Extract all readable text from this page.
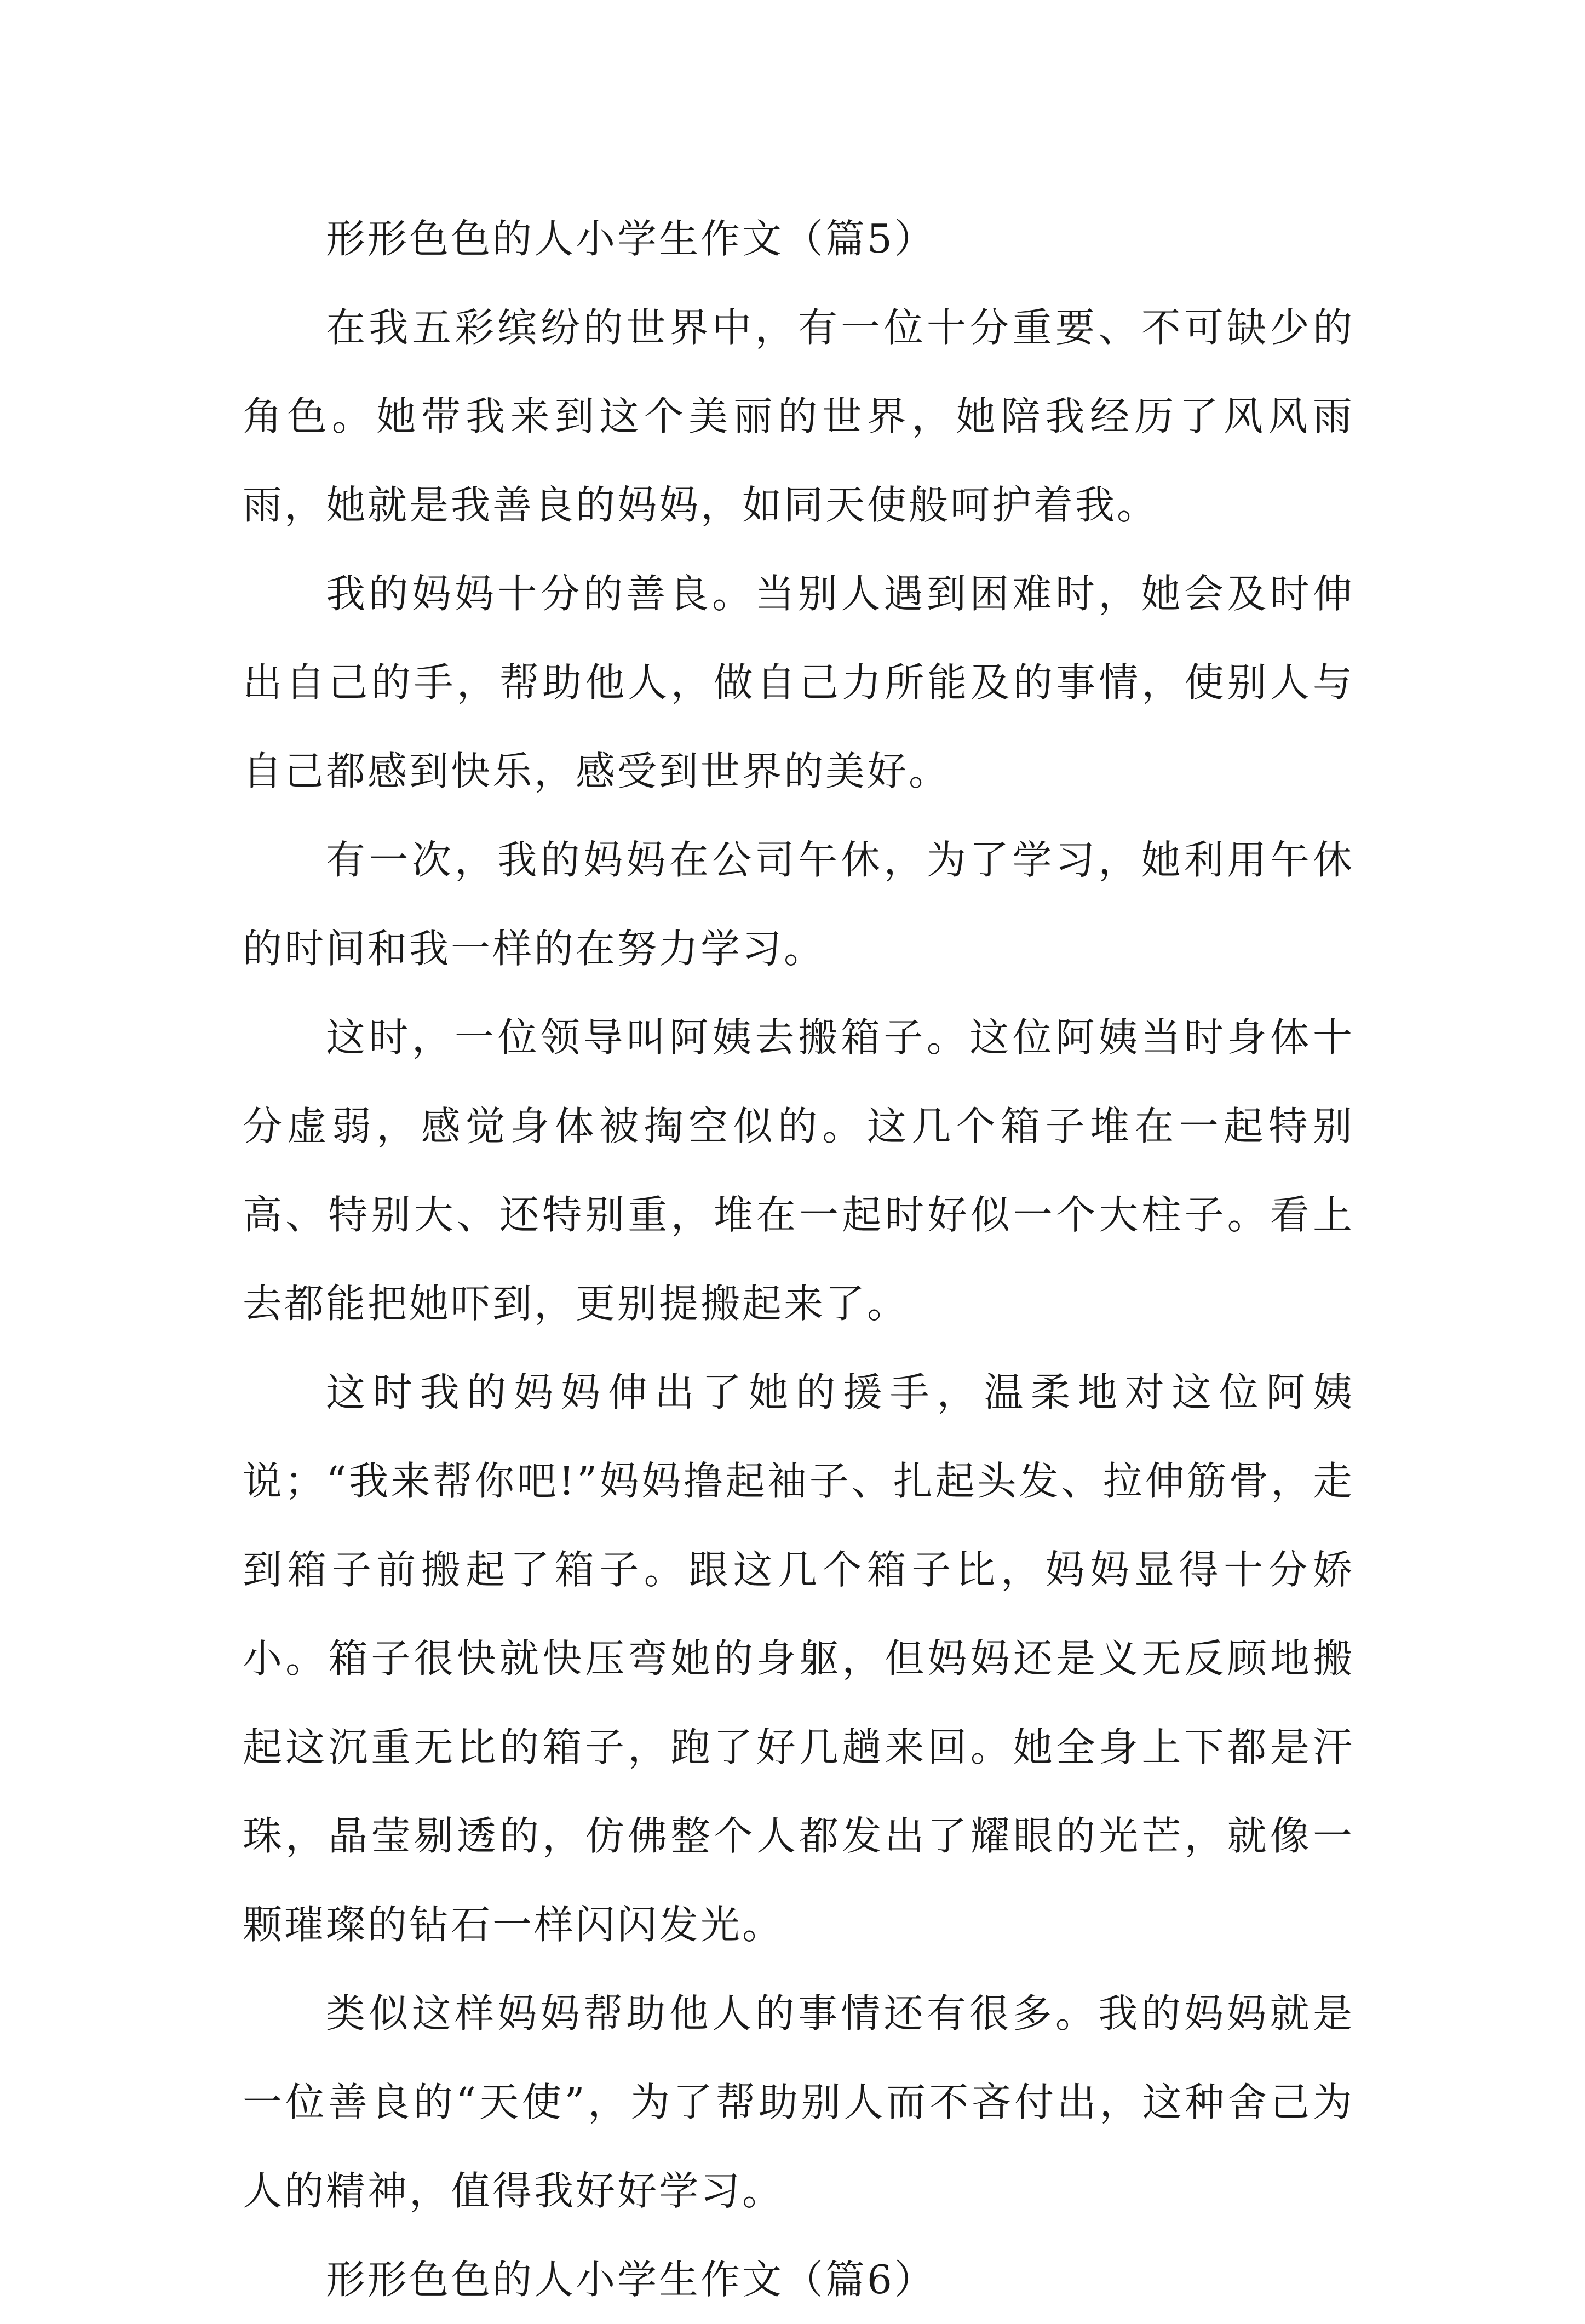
形形色色的人小学生作文（篇5）

在我五彩缤纷的世界中，有一位十分重要、不可缺少的角色。她带我来到这个美丽的世界，她陪我经历了风风雨雨，她就是我善良的妈妈，如同天使般呵护着我。

我的妈妈十分的善良。当别人遇到困难时，她会及时伸出自己的手，帮助他人，做自己力所能及的事情，使别人与自己都感到快乐，感受到世界的美好。

有一次，我的妈妈在公司午休，为了学习，她利用午休的时间和我一样的在努力学习。

这时，一位领导叫阿姨去搬箱子。这位阿姨当时身体十分虚弱，感觉身体被掏空似的。这几个箱子堆在一起特别高、特别大、还特别重，堆在一起时好似一个大柱子。看上去都能把她吓到，更别提搬起来了。

这时我的妈妈伸出了她的援手，温柔地对这位阿姨说；“我来帮你吧!”妈妈撸起袖子、扎起头发、拉伸筋骨，走到箱子前搬起了箱子。跟这几个箱子比，妈妈显得十分娇小。箱子很快就快压弯她的身躯，但妈妈还是义无反顾地搬起这沉重无比的箱子，跑了好几趟来回。她全身上下都是汗珠，晶莹剔透的，仿佛整个人都发出了耀眼的光芒，就像一颗璀璨的钻石一样闪闪发光。

类似这样妈妈帮助他人的事情还有很多。我的妈妈就是一位善良的“天使”，为了帮助别人而不吝付出，这种舍己为人的精神，值得我好好学习。

形形色色的人小学生作文（篇6）
